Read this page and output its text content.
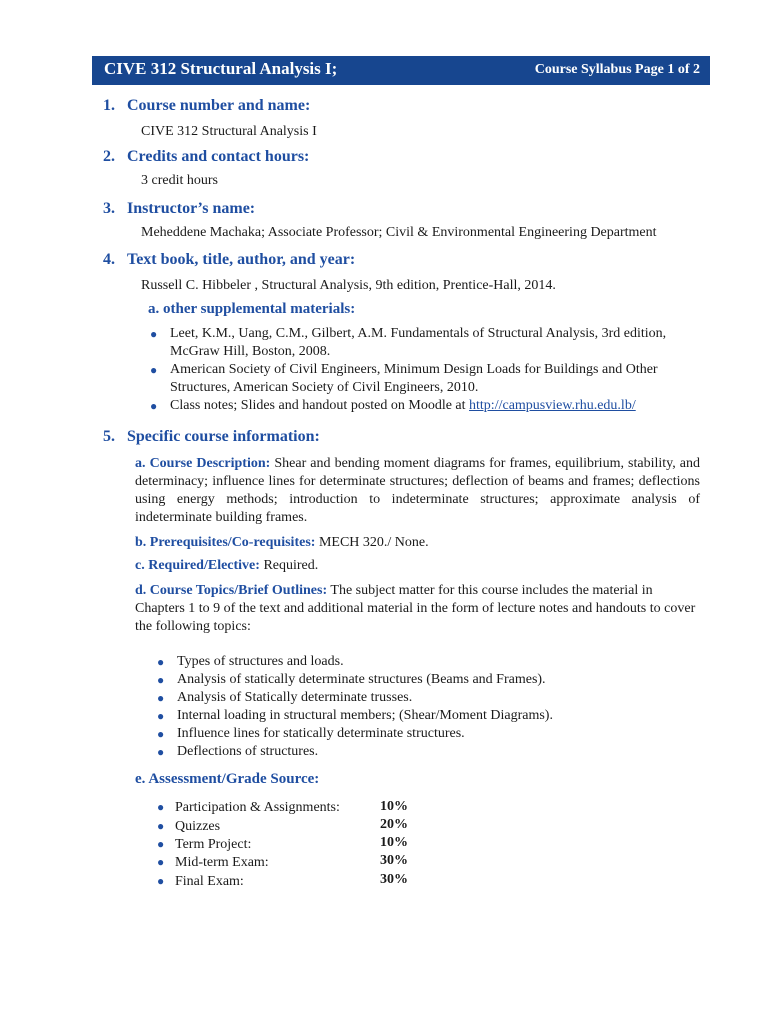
CIVE 312 Structural Analysis I;	Course Syllabus Page 1 of 2
1. Course number and name:
CIVE 312 Structural Analysis I
2. Credits and contact hours:
3 credit hours
3. Instructor’s name:
Meheddene Machaka; Associate Professor; Civil & Environmental Engineering Department
4. Text book, title, author, and year:
Russell C. Hibbeler , Structural Analysis, 9th edition, Prentice-Hall, 2014.
a. other supplemental materials:
● Leet, K.M., Uang, C.M., Gilbert, A.M. Fundamentals of Structural Analysis, 3rd edition, McGraw Hill, Boston, 2008.
● American Society of Civil Engineers, Minimum Design Loads for Buildings and Other Structures, American Society of Civil Engineers, 2010.
● Class notes; Slides and handout posted on Moodle at http://campusview.rhu.edu.lb/
5. Specific course information:
a. Course Description: Shear and bending moment diagrams for frames, equilibrium, stability, and determinacy; influence lines for determinate structures; deflection of beams and frames; deflections using energy methods; introduction to indeterminate structures; approximate analysis of indeterminate building frames.
b. Prerequisites/Co-requisites: MECH 320./ None.
c. Required/Elective: Required.
d. Course Topics/Brief Outlines: The subject matter for this course includes the material in Chapters 1 to 9 of the text and additional material in the form of lecture notes and handouts to cover the following topics:
● Types of structures and loads.
● Analysis of statically determinate structures (Beams and Frames).
● Analysis of Statically determinate trusses.
● Internal loading in structural members; (Shear/Moment Diagrams).
● Influence lines for statically determinate structures.
● Deflections of structures.
e. Assessment/Grade Source:
● Participation & Assignments:	10%
● Quizzes	20%
● Term Project:	10%
● Mid-term Exam:	30%
● Final Exam:	30%
